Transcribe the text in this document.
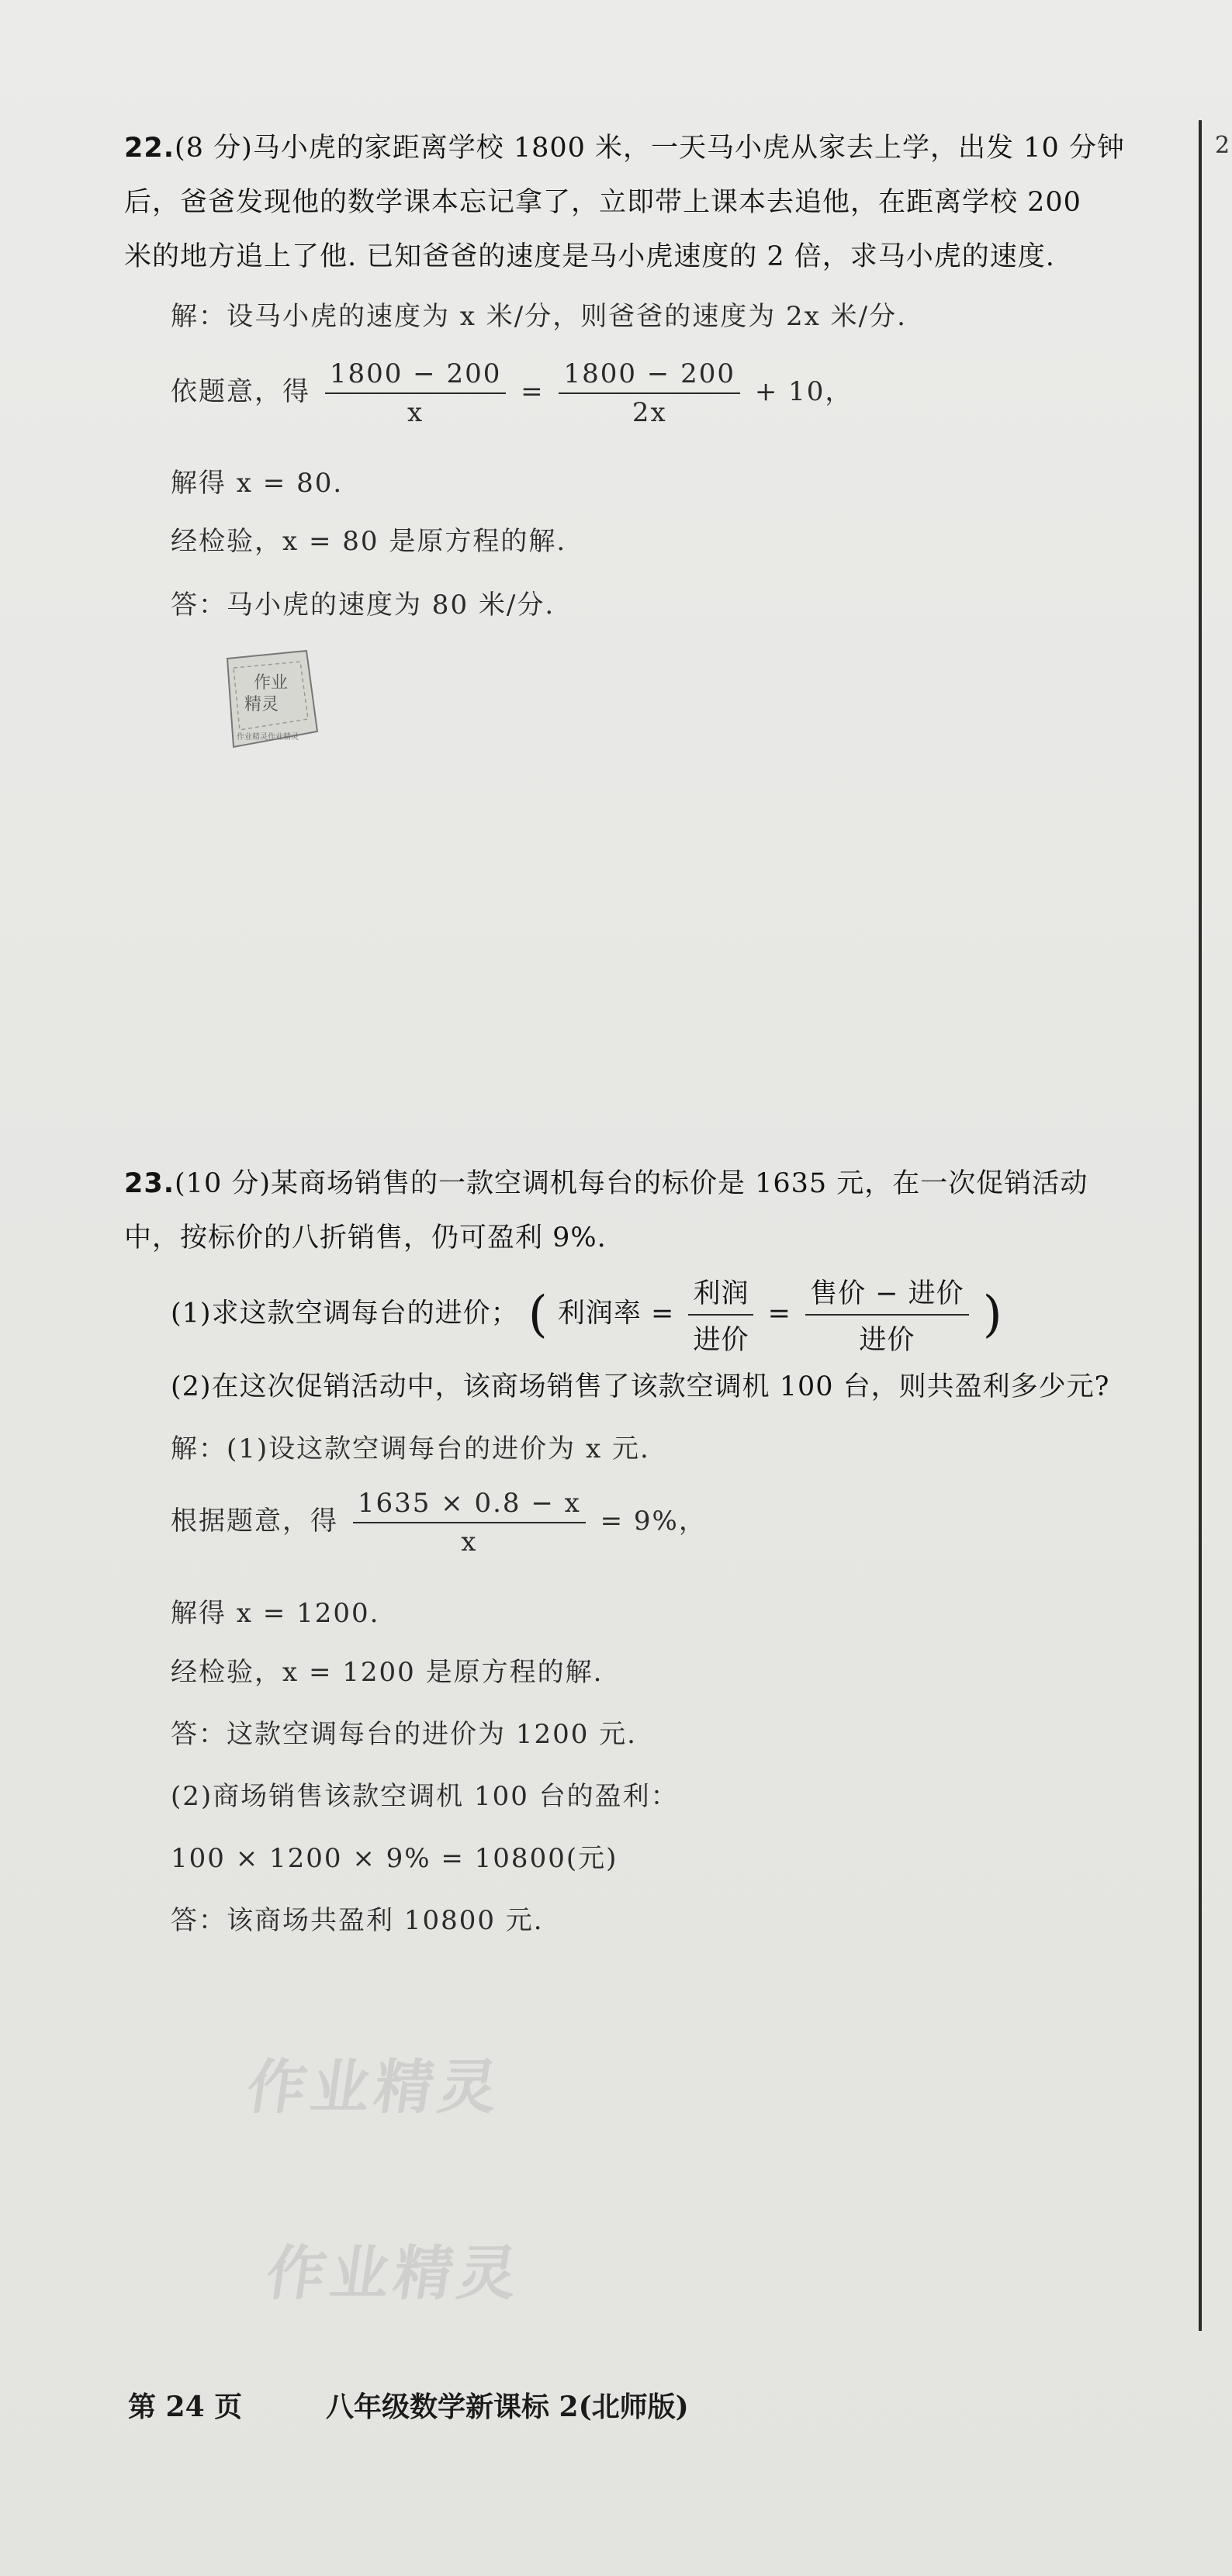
2
22.(8 分)马小虎的家距离学校 1800 米，一天马小虎从家去上学，出发 10 分钟
后，爸爸发现他的数学课本忘记拿了，立即带上课本去追他，在距离学校 200
米的地方追上了他. 已知爸爸的速度是马小虎速度的 2 倍，求马小虎的速度.
解：设马小虎的速度为 x 米/分，则爸爸的速度为 2x 米/分.
依题意，得 $\frac{1800 - 200}{x} = \frac{1800 - 200}{2x} + 10$，
解得 x = 80.
经检验，x = 80 是原方程的解.
答：马小虎的速度为 80 米/分.
作业
精灵
作业精灵作业精灵
23.(10 分)某商场销售的一款空调机每台的标价是 1635 元，在一次促销活动
中，按标价的八折销售，仍可盈利 9%.
(1)求这款空调每台的进价； ( 利润率 = $\frac{\text{利润}}{\text{进价}} = \frac{\text{售价 − 进价}}{\text{进价}}$ )
(2)在这次促销活动中，该商场销售了该款空调机 100 台，则共盈利多少元?
解：(1)设这款空调每台的进价为 x 元.
根据题意，得 $\frac{1635 \times 0.8 - x}{x} = 9\%$，
解得 x = 1200.
经检验，x = 1200 是原方程的解.
答：这款空调每台的进价为 1200 元.
(2)商场销售该款空调机 100 台的盈利：
100 × 1200 × 9% = 10800(元)
答：该商场共盈利 10800 元.
作业精灵
作业精灵
第 24 页	八年级数学新课标 2(北师版)
